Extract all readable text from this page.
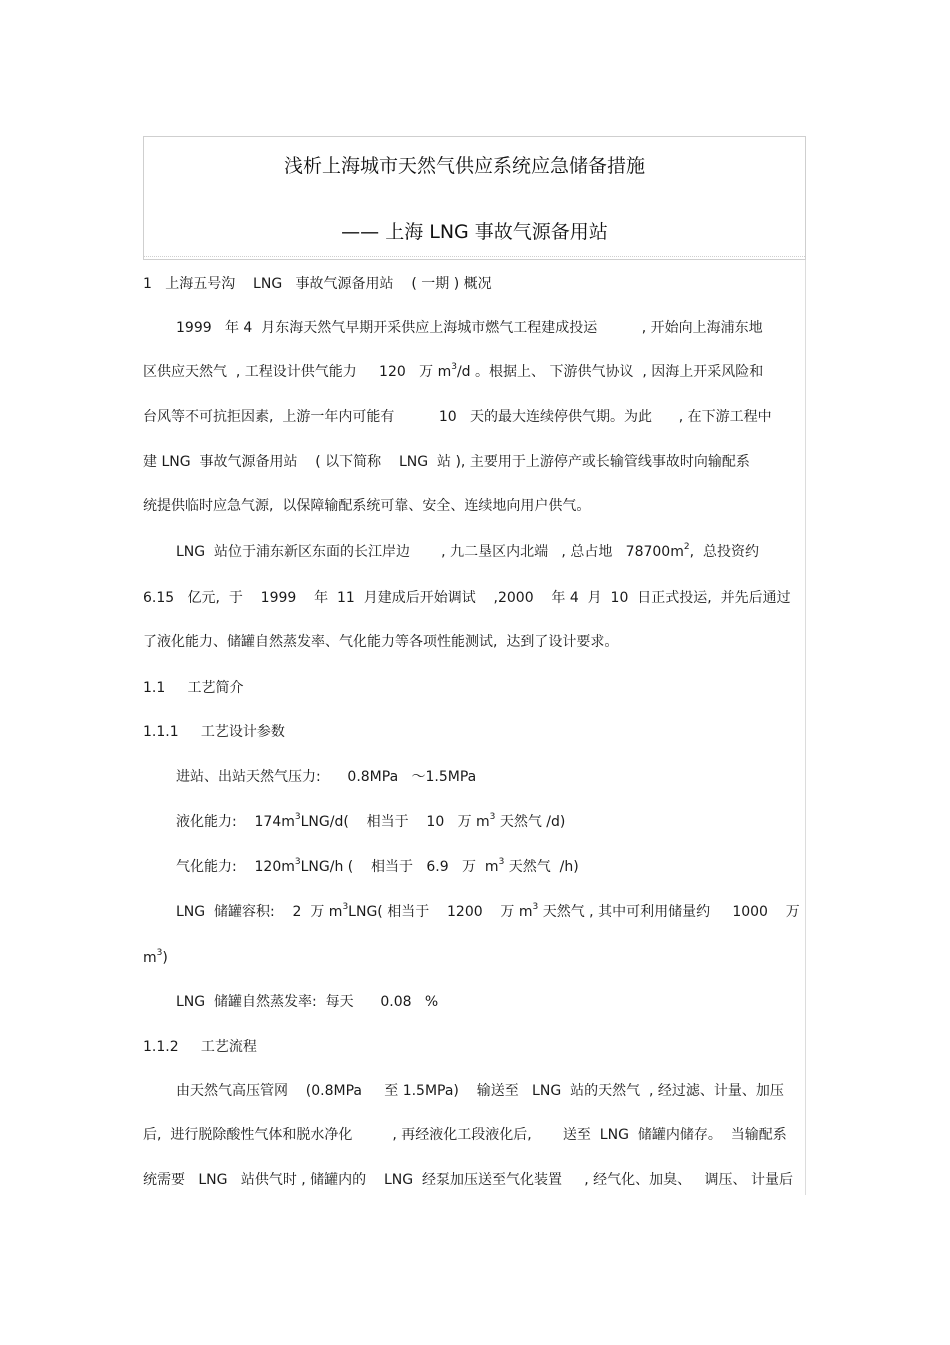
浅析上海城市天然气供应系统应急储备措施
—— 上海 LNG 事故气源备用站
1   上海五号沟    LNG   事故气源备用站    ( 一期 ) 概况
1999   年 4  月东海天然气早期开采供应上海城市燃气工程建成投运          , 开始向上海浦东地
区供应天然气  , 工程设计供气能力     120   万 $m^3/d$ 。根据上、 下游供气协议  , 因海上开采风险和
台风等不可抗拒因素,  上游一年内可能有          10   天的最大连续停供气期。为此      , 在下游工程中
建 LNG  事故气源备用站    ( 以下简称    LNG  站 ), 主要用于上游停产或长输管线事故时向输配系
统提供临时应急气源,  以保障输配系统可靠、安全、连续地向用户供气。
LNG  站位于浦东新区东面的长江岸边       , 九二垦区内北端   , 总占地   $78700m^2$,  总投资约
6.15   亿元,  于    1999    年  11  月建成后开始调试    ,2000    年 4  月  10  日正式投运,  并先后通过
了液化能力、储罐自然蒸发率、气化能力等各项性能测试,  达到了设计要求。
1.1     工艺简介
1.1.1     工艺设计参数
进站、出站天然气压力:      0.8MPa   ～1.5MPa
液化能力:    $174m^3LNG/d$(    相当于    10   万 $m^3$ 天然气 /d)
气化能力:    $120m^3LNG/h$ (    相当于   6.9   万  $m^3$ 天然气  /h)
LNG  储罐容积:    2  万 $m^3LNG$( 相当于    1200    万 $m^3$ 天然气 , 其中可利用储量约     1000    万
$m^3$)
LNG  储罐自然蒸发率:  每天      0.08   %
1.1.2     工艺流程
由天然气高压管网    (0.8MPa     至 1.5MPa)    输送至   LNG  站的天然气  , 经过滤、计量、加压
后,  进行脱除酸性气体和脱水净化         , 再经液化工段液化后,       送至  LNG  储罐内储存。  当输配系
统需要   LNG   站供气时 , 储罐内的    LNG  经泵加压送至气化装置     , 经气化、加臭、   调压、 计量后
